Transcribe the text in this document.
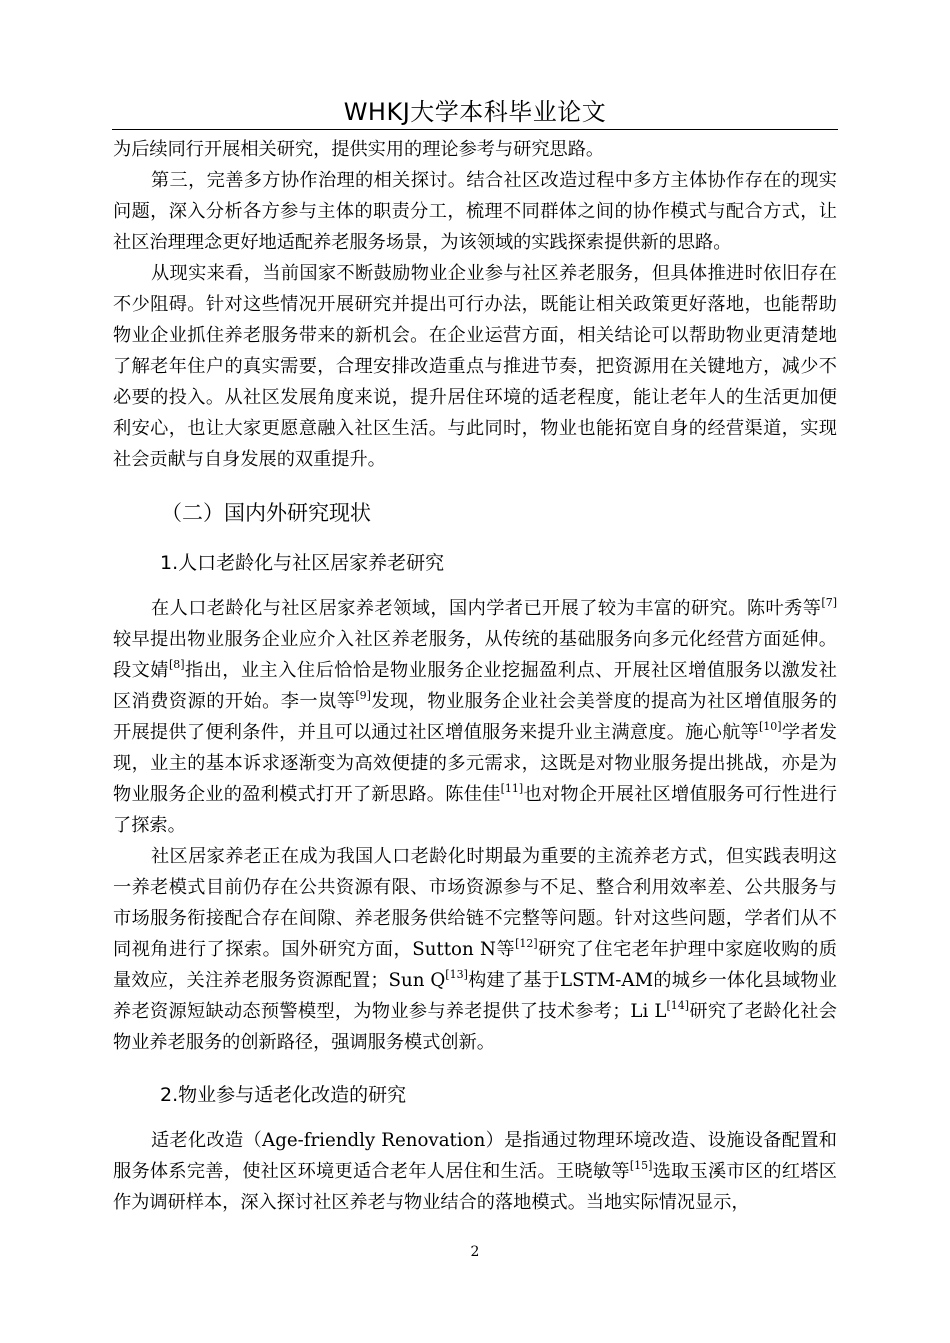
WHKJ大学本科毕业论文

为后续同行开展相关研究，提供实用的理论参考与研究思路。

第三，完善多方协作治理的相关探讨。结合社区改造过程中多方主体协作存在的现实问题，深入分析各方参与主体的职责分工，梳理不同群体之间的协作模式与配合方式，让社区治理理念更好地适配养老服务场景，为该领域的实践探索提供新的思路。

从现实来看，当前国家不断鼓励物业企业参与社区养老服务，但具体推进时依旧存在不少阻碍。针对这些情况开展研究并提出可行办法，既能让相关政策更好落地，也能帮助物业企业抓住养老服务带来的新机会。在企业运营方面，相关结论可以帮助物业更清楚地了解老年住户的真实需要，合理安排改造重点与推进节奏，把资源用在关键地方，减少不必要的投入。从社区发展角度来说，提升居住环境的适老程度，能让老年人的生活更加便利安心，也让大家更愿意融入社区生活。与此同时，物业也能拓宽自身的经营渠道，实现社会贡献与自身发展的双重提升。

（二）国内外研究现状
1.人口老龄化与社区居家养老研究

在人口老龄化与社区居家养老领域，国内学者已开展了较为丰富的研究。陈叶秀等[7]较早提出物业服务企业应介入社区养老服务，从传统的基础服务向多元化经营方面延伸。段文婧[8]指出，业主入住后恰恰是物业服务企业挖掘盈利点、开展社区增值服务以激发社区消费资源的开始。李一岚等[9]发现，物业服务企业社会美誉度的提高为社区增值服务的开展提供了便利条件，并且可以通过社区增值服务来提升业主满意度。施心航等[10]学者发现，业主的基本诉求逐渐变为高效便捷的多元需求，这既是对物业服务提出挑战，亦是为物业服务企业的盈利模式打开了新思路。陈佳佳[11]也对物企开展社区增值服务可行性进行了探索。

社区居家养老正在成为我国人口老龄化时期最为重要的主流养老方式，但实践表明这一养老模式目前仍存在公共资源有限、市场资源参与不足、整合利用效率差、公共服务与市场服务衔接配合存在间隙、养老服务供给链不完整等问题。针对这些问题，学者们从不同视角进行了探索。国外研究方面，Sutton N等[12]研究了住宅老年护理中家庭收购的质量效应，关注养老服务资源配置；Sun Q[13]构建了基于LSTM-AM的城乡一体化县域物业养老资源短缺动态预警模型，为物业参与养老提供了技术参考；Li L[14]研究了老龄化社会物业养老服务的创新路径，强调服务模式创新。

2.物业参与适老化改造的研究

适老化改造（Age-friendly Renovation）是指通过物理环境改造、设施设备配置和服务体系完善，使社区环境更适合老年人居住和生活。王晓敏等[15]选取玉溪市区的红塔区作为调研样本，深入探讨社区养老与物业结合的落地模式。当地实际情况显示，

2
